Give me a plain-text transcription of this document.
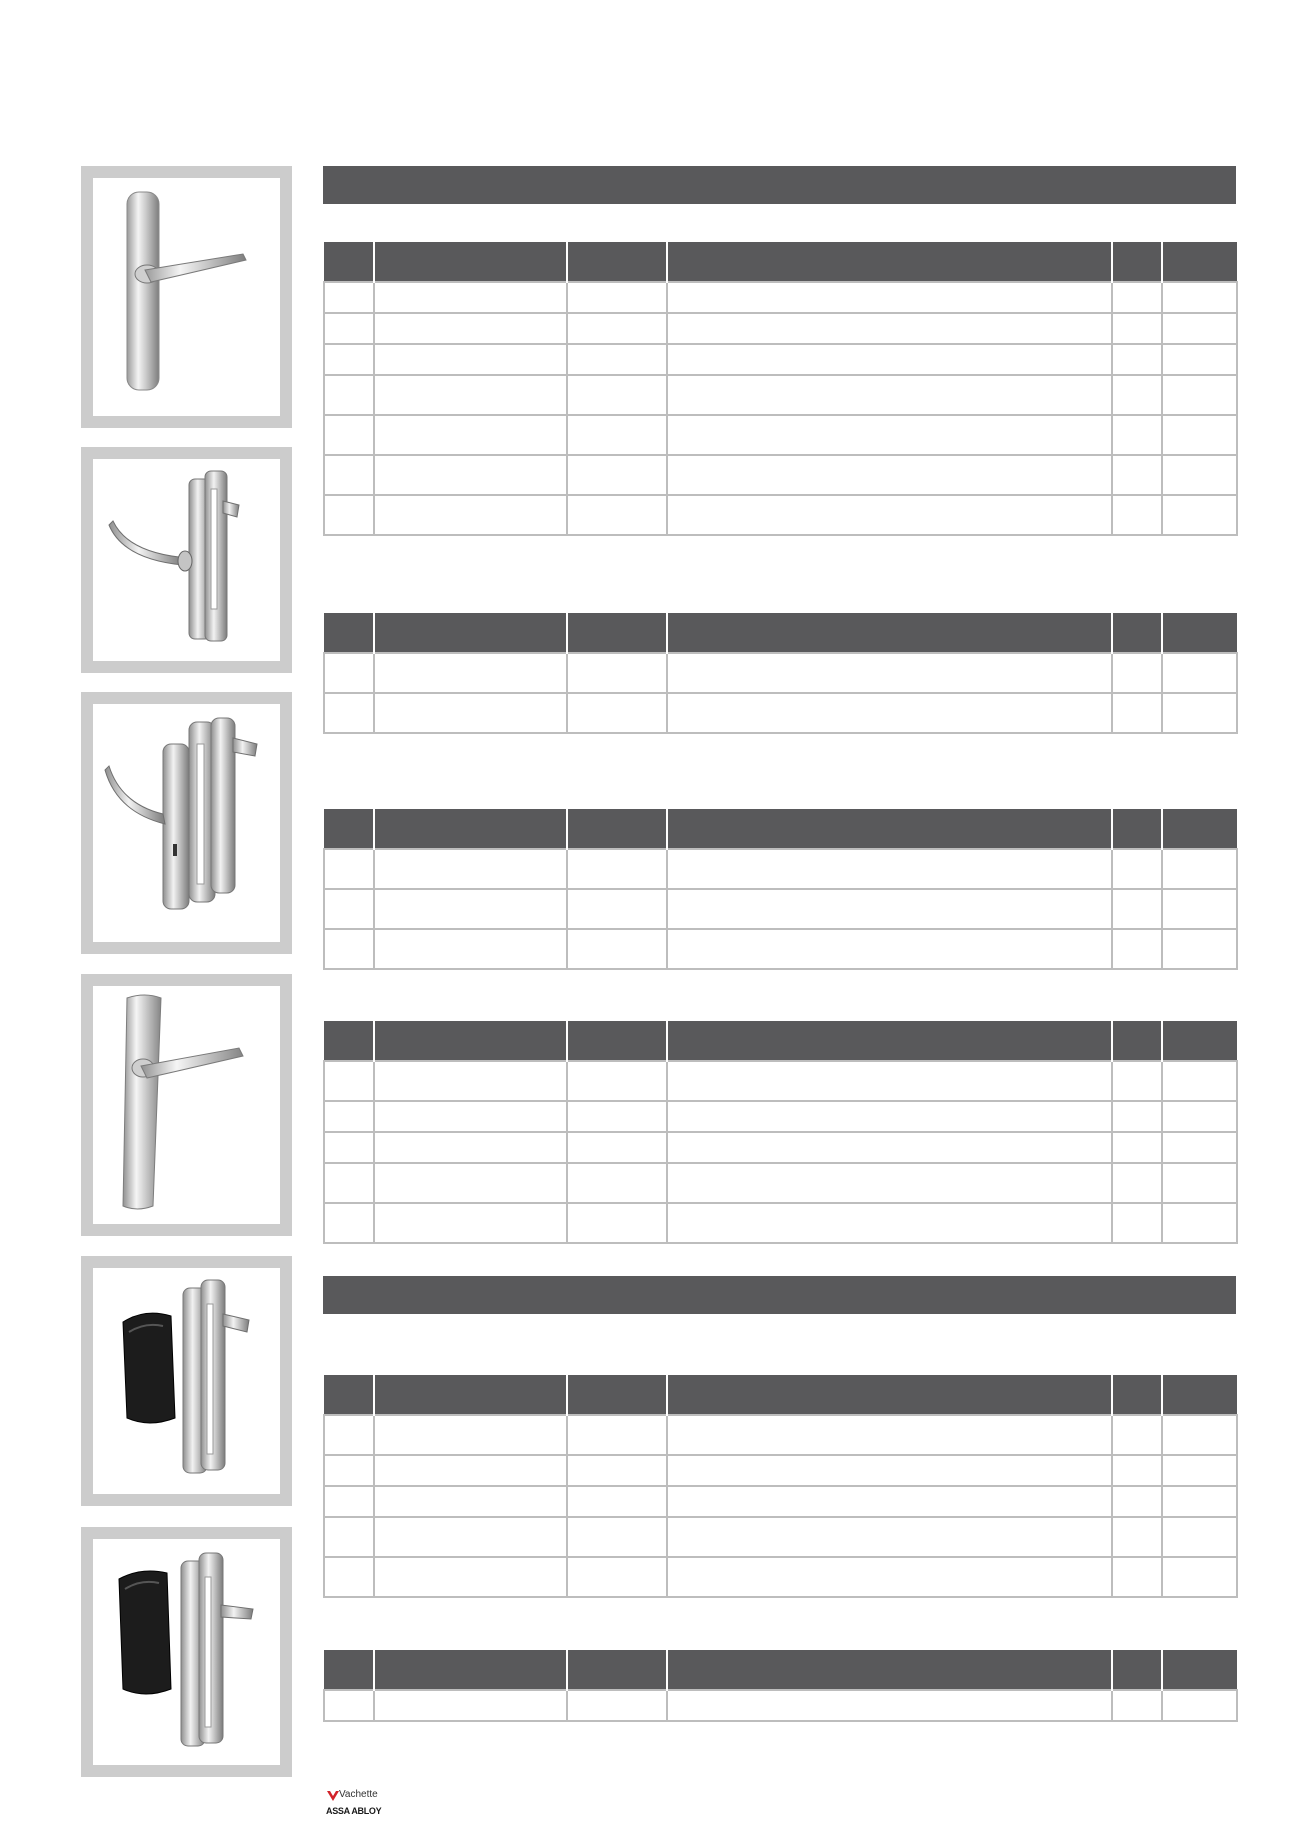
Vachette
ASSA ABLOY
